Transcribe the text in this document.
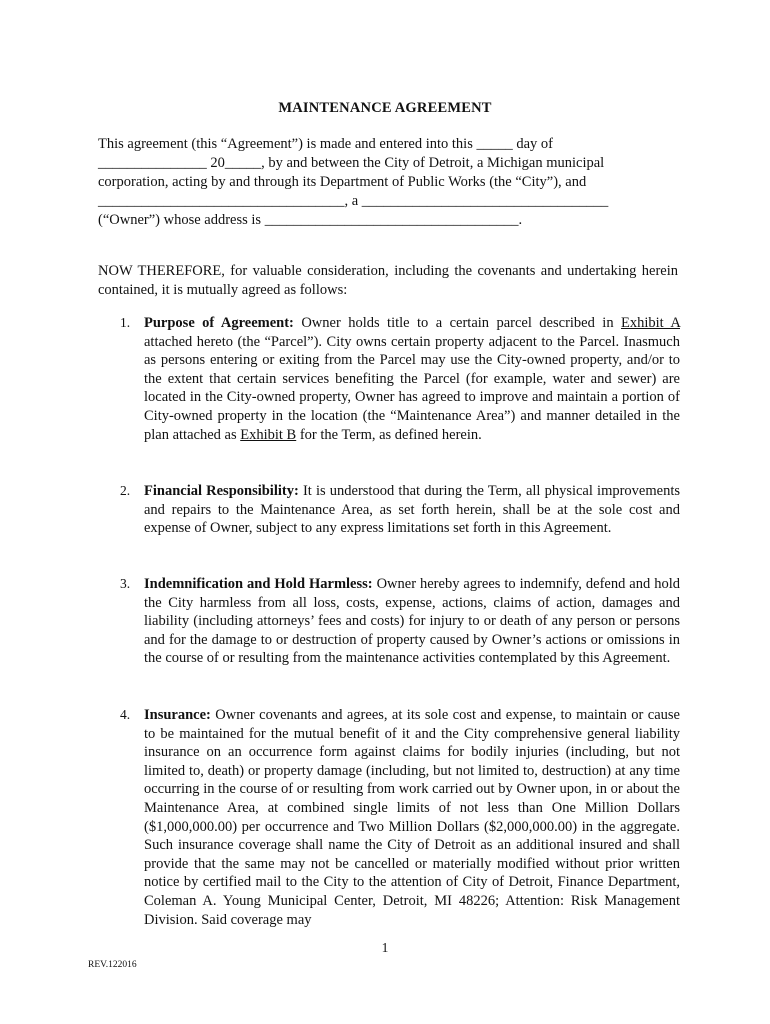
MAINTENANCE AGREEMENT
This agreement (this “Agreement”) is made and entered into this _____ day of
_______________ 20_____, by and between the City of Detroit, a Michigan municipal
corporation, acting by and through its Department of Public Works (the “City”), and
__________________________________, a __________________________________
(“Owner”) whose address is ___________________________________.
NOW THEREFORE, for valuable consideration, including the covenants and undertaking herein contained, it is mutually agreed as follows:
1. Purpose of Agreement: Owner holds title to a certain parcel described in Exhibit A attached hereto (the “Parcel”). City owns certain property adjacent to the Parcel. Inasmuch as persons entering or exiting from the Parcel may use the City-owned property, and/or to the extent that certain services benefiting the Parcel (for example, water and sewer) are located in the City-owned property, Owner has agreed to improve and maintain a portion of City-owned property in the location (the “Maintenance Area”) and manner detailed in the plan attached as Exhibit B for the Term, as defined herein.
2. Financial Responsibility: It is understood that during the Term, all physical improvements and repairs to the Maintenance Area, as set forth herein, shall be at the sole cost and expense of Owner, subject to any express limitations set forth in this Agreement.
3. Indemnification and Hold Harmless: Owner hereby agrees to indemnify, defend and hold the City harmless from all loss, costs, expense, actions, claims of action, damages and liability (including attorneys’ fees and costs) for injury to or death of any person or persons and for the damage to or destruction of property caused by Owner’s actions or omissions in the course of or resulting from the maintenance activities contemplated by this Agreement.
4. Insurance: Owner covenants and agrees, at its sole cost and expense, to maintain or cause to be maintained for the mutual benefit of it and the City comprehensive general liability insurance on an occurrence form against claims for bodily injuries (including, but not limited to, death) or property damage (including, but not limited to, destruction) at any time occurring in the course of or resulting from work carried out by Owner upon, in or about the Maintenance Area, at combined single limits of not less than One Million Dollars ($1,000,000.00) per occurrence and Two Million Dollars ($2,000,000.00) in the aggregate. Such insurance coverage shall name the City of Detroit as an additional insured and shall provide that the same may not be cancelled or materially modified without prior written notice by certified mail to the City to the attention of City of Detroit, Finance Department, Coleman A. Young Municipal Center, Detroit, MI 48226; Attention: Risk Management Division. Said coverage may
1
REV.122016
